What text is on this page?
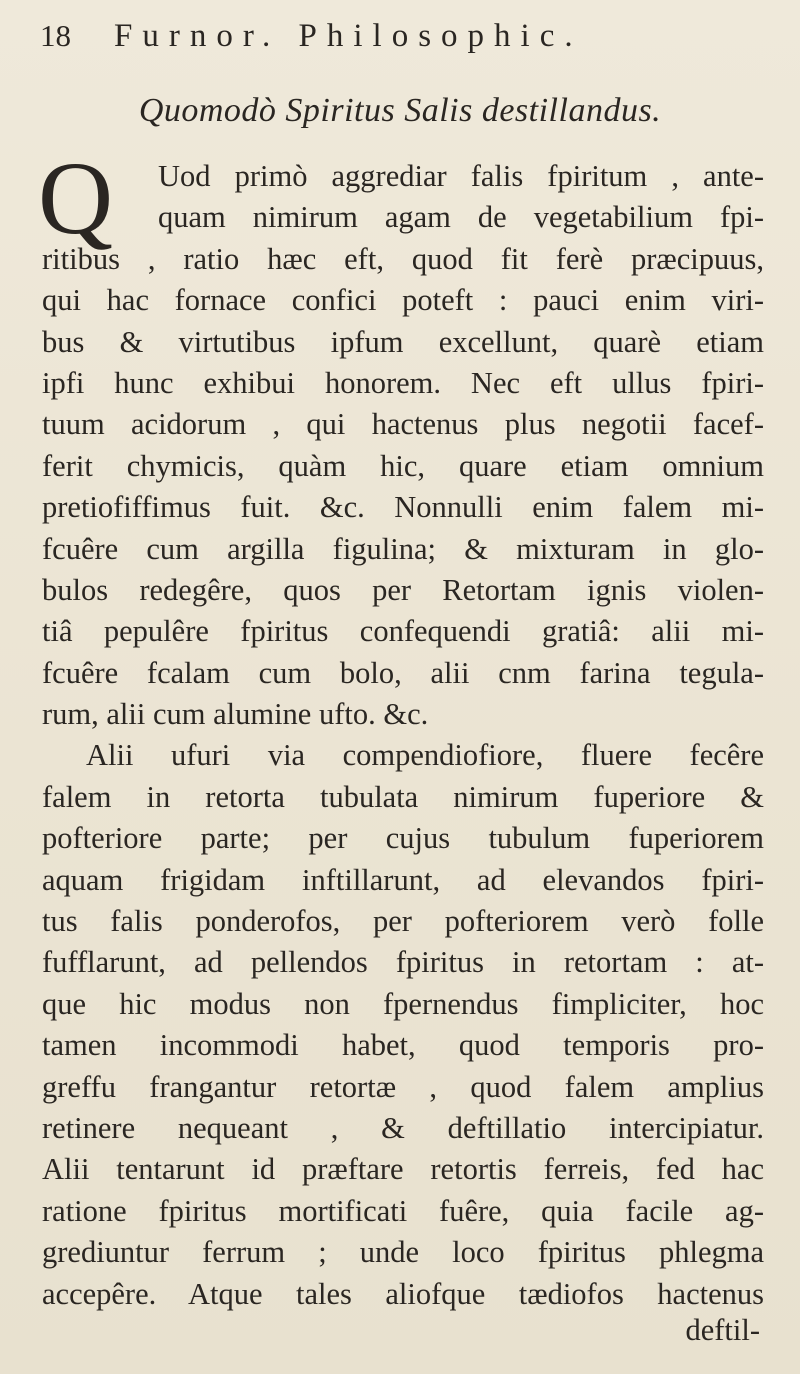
18	Furnor. Philosophic.
Quomodò Spiritus Salis destillandus.
Q	Uod primò aggrediar falis fpiritum , ante-
quam nimirum agam de vegetabilium fpi-
ritibus , ratio hæc eft, quod fit ferè præcipuus,
qui hac fornace confici poteft : pauci enim viri-
bus & virtutibus ipfum excellunt, quarè etiam
ipfi hunc exhibui honorem. Nec eft ullus fpiri-
tuum acidorum , qui hactenus plus negotii facef-
ferit chymicis, quàm hic, quare etiam omnium
pretiofiffimus fuit. &c. Nonnulli enim falem mi-
fcuêre cum argilla figulina; & mixturam in glo-
bulos redegêre, quos per Retortam ignis violen-
tiâ pepulêre fpiritus confequendi gratiâ: alii mi-
fcuêre fcalam cum bolo, alii cnm farina tegula-
rum, alii cum alumine ufto. &c.
Alii ufuri via compendiofiore, fluere fecêre
falem in retorta tubulata nimirum fuperiore &
pofteriore parte; per cujus tubulum fuperiorem
aquam frigidam inftillarunt, ad elevandos fpiri-
tus falis ponderofos, per pofteriorem verò folle
fufflarunt, ad pellendos fpiritus in retortam : at-
que hic modus non fpernendus fimpliciter, hoc
tamen incommodi habet, quod temporis pro-
greffu frangantur retortæ , quod falem amplius
retinere nequeant , & deftillatio intercipiatur.
Alii tentarunt id præftare retortis ferreis, fed hac
ratione fpiritus mortificati fuêre, quia facile ag-
grediuntur ferrum ; unde loco fpiritus phlegma
accepêre. Atque tales aliofque tædiofos hactenus
deftil-
